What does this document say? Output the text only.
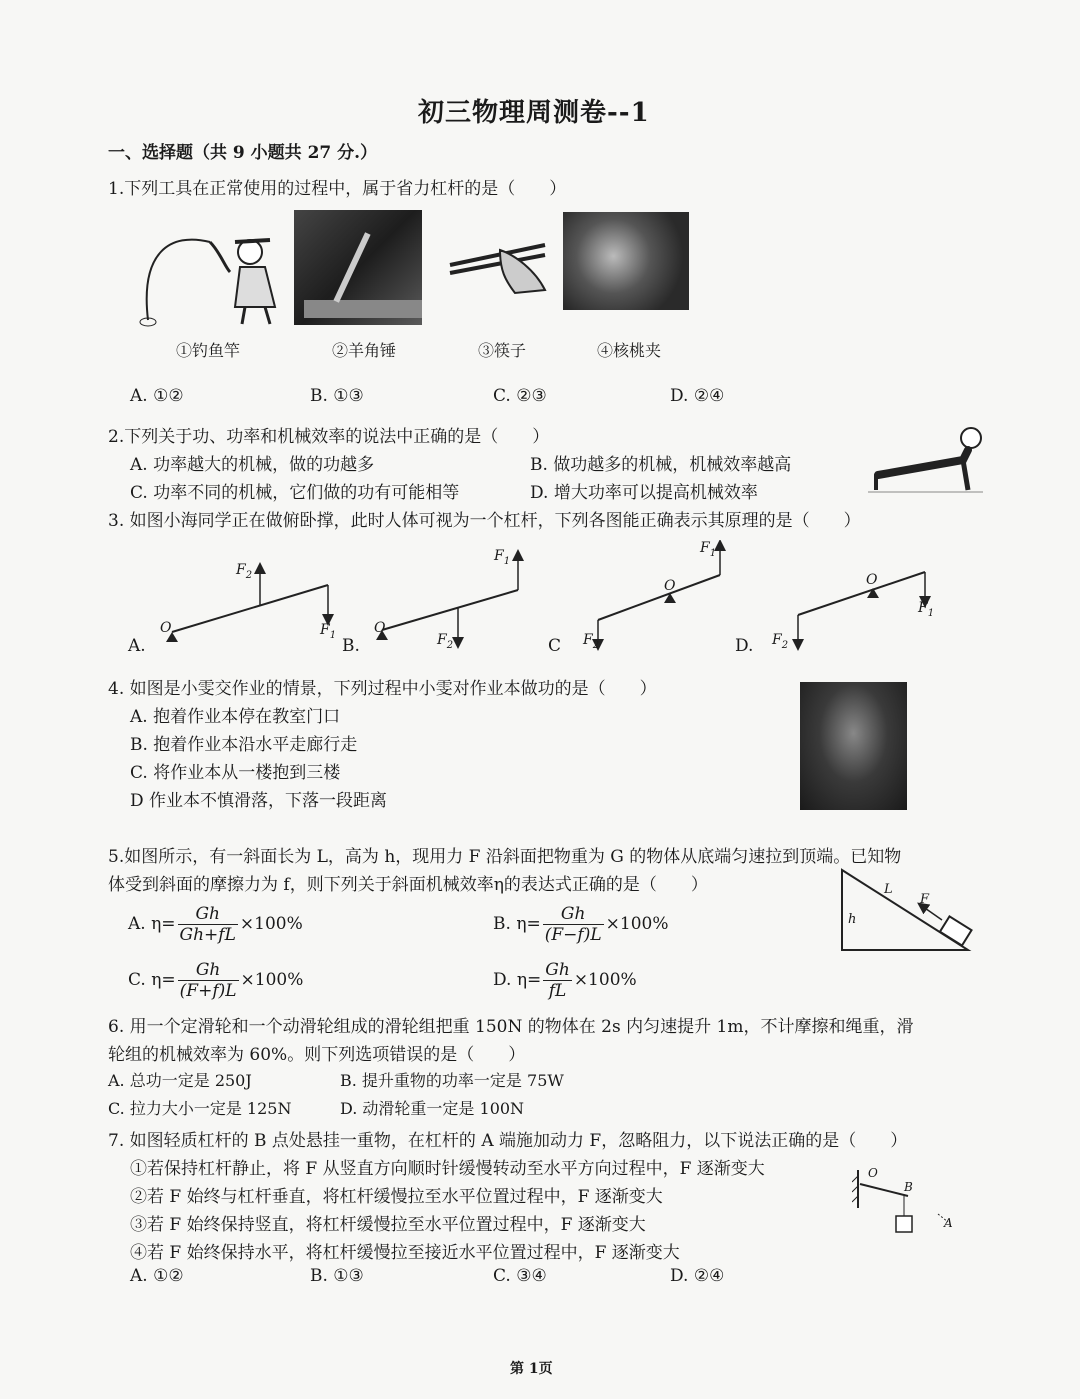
初三物理周测卷--1
一、选择题（共 9 小题共 27 分.）
1.下列工具在正常使用的过程中，属于省力杠杆的是（　　）
①钓鱼竿	②羊角锤	③筷子	④核桃夹
A. ①②	B. ①③	C. ②③	D. ②④
2.下列关于功、功率和机械效率的说法中正确的是（　　）
A. 功率越大的机械，做的功越多	B. 做功越多的机械，机械效率越高
C. 功率不同的机械，它们做的功有可能相等	D. 增大功率可以提高机械效率
3. 如图小海同学正在做俯卧撑，此时人体可视为一个杠杆，下列各图能正确表示其原理的是（　　）
A.	B.	C	D.
O
$F_2$
$F_1$	O
$F_1$
$F_2$
O
$F_1$
$F_2$
O
$F_1$
$F_2$
4. 如图是小雯交作业的情景，下列过程中小雯对作业本做功的是（　　）
A. 抱着作业本停在教室门口
B. 抱着作业本沿水平走廊行走
C. 将作业本从一楼抱到三楼
D 作业本不慎滑落，下落一段距离
5.如图所示，有一斜面长为 L，高为 h，现用力 F 沿斜面把物重为 G 的物体从底端匀速拉到顶端。已知物
体受到斜面的摩擦力为 f，则下列关于斜面机械效率η的表达式正确的是（　　）
A. $\eta= \frac{Gh}{Gh+fL} \times 100\%$	B. $\eta= \frac{Gh}{(F-f)L} \times 100\%$
C. $\eta= \frac{Gh}{(F+f)L} \times 100\%$	D. $\eta= \frac{Gh}{fL} \times 100\%$
L
F
h
6. 用一个定滑轮和一个动滑轮组成的滑轮组把重 150N 的物体在 2s 内匀速提升 1m，不计摩擦和绳重，滑
轮组的机械效率为 60%。则下列选项错误的是（　　）
A. 总功一定是 250J	B. 提升重物的功率一定是 75W
C. 拉力大小一定是 125N	D. 动滑轮重一定是 100N
7. 如图轻质杠杆的 B 点处悬挂一重物，在杠杆的 A 端施加动力 F，忽略阻力，以下说法正确的是（　　）
①若保持杠杆静止，将 F 从竖直方向顺时针缓慢转动至水平方向过程中，F 逐渐变大
②若 F 始终与杠杆垂直，将杠杆缓慢拉至水平位置过程中，F 逐渐变大
③若 F 始终保持竖直，将杠杆缓慢拉至水平位置过程中，F 逐渐变大
④若 F 始终保持水平，将杠杆缓慢拉至接近水平位置过程中，F 逐渐变大
A. ①②	B. ①③	C. ③④	D. ②④
O
B
A
第 1页
